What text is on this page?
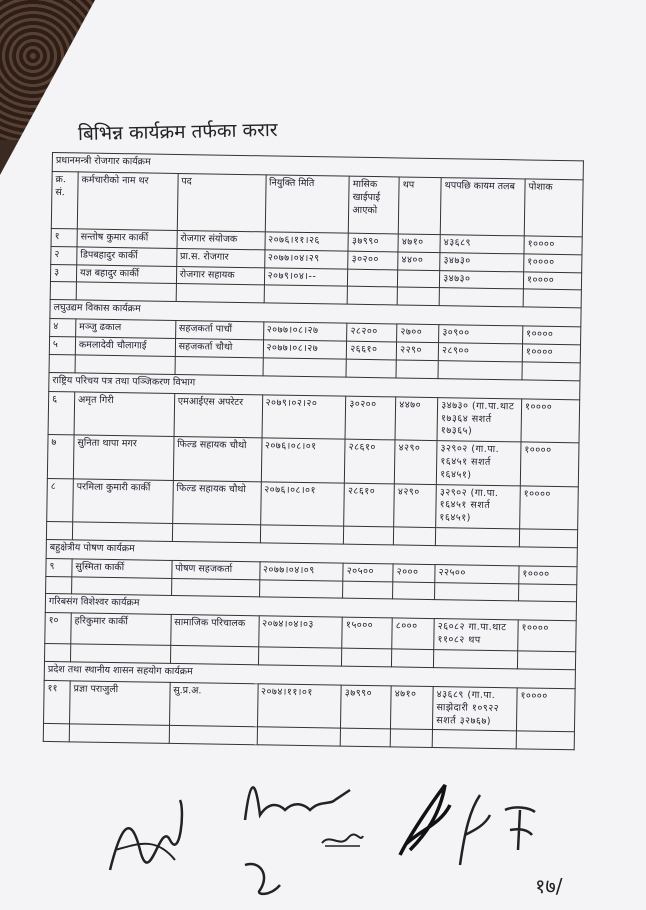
बिभिन्न कार्यक्रम तर्फका करार
प्रधानमन्त्री रोजगार कार्यक्रम							
क्र. सं.	कर्मचारीको नाम थर	पद	नियुक्ति मिति	मासिक खाईपाई आएको	थप	थपपछि कायम तलब	पोशाक
१	सन्तोष कुमार कार्की	रोजगार संयोजक	२०७६।११।२६	३७९९०	४७१०	४३६८९	१००००
२	डिपबहादुर कार्की	प्रा.स. रोजगार	२०७७।०४।२९	३०२००	४४००	३४७३०	१००००
३	यज्ञ बहादुर कार्की	रोजगार सहायक	२०७९।०४।--			३४७३०	१००००

लघुउद्यम विकास कार्यक्रम							
४	मञ्जु ढकाल	सहजकर्ता पाचौं	२०७७।०८।२७	२८२००	२७००	३०९००	१००००
५	कमलादेवी चौलागाई	सहजकर्ता चौथो	२०७७।०८।२७	२६६१०	२२९०	२८९००	१००००

राष्ट्रिय परिचय पत्र तथा पञ्जिकरण विभाग							
६	अमृत गिरी	एमआईएस अपरेटर	२०७९।०२।२०	३०२००	४४७०	३४७३० (गा.पा.थाट १७३६४ सशर्त १७३६५)	१००००
७	सुनिता थापा मगर	फिल्ड सहायक चौथो	२०७६।०८।०१	२८६१०	४२९०	३२९०२ (गा.पा. १६४५१ सशर्त १६४५१)	१००००
८	परमिला कुमारी कार्की	फिल्ड सहायक चौथो	२०७६।०८।०१	२८६१०	४२९०	३२९०२ (गा.पा. १६४५१ सशर्त १६४५१)	१००००

बहुक्षेत्रीय पोषण कार्यक्रम							
९	सुस्मिता कार्की	पोषण सहजकर्ता	२०७७।०४।०९	२०५००	२०००	२२५००	१००००

गरिबसंग विशेश्वर कार्यक्रम							
१०	हरिकुमार कार्की	सामाजिक परिचालक	२०७४।०४।०३	१५०००	८०००	२६०८२ गा.पा.थाट ११०८२ थप	१००००

प्रदेश तथा स्थानीय शासन सहयोग कार्यक्रम							
११	प्रज्ञा पराजुली	सु.प्र.अ.	२०७४।११।०१	३७९९०	४७१०	४३६८९ (गा.पा. साझेदारी १०९२२ सशर्त ३२७६७)	१००००

१७/
